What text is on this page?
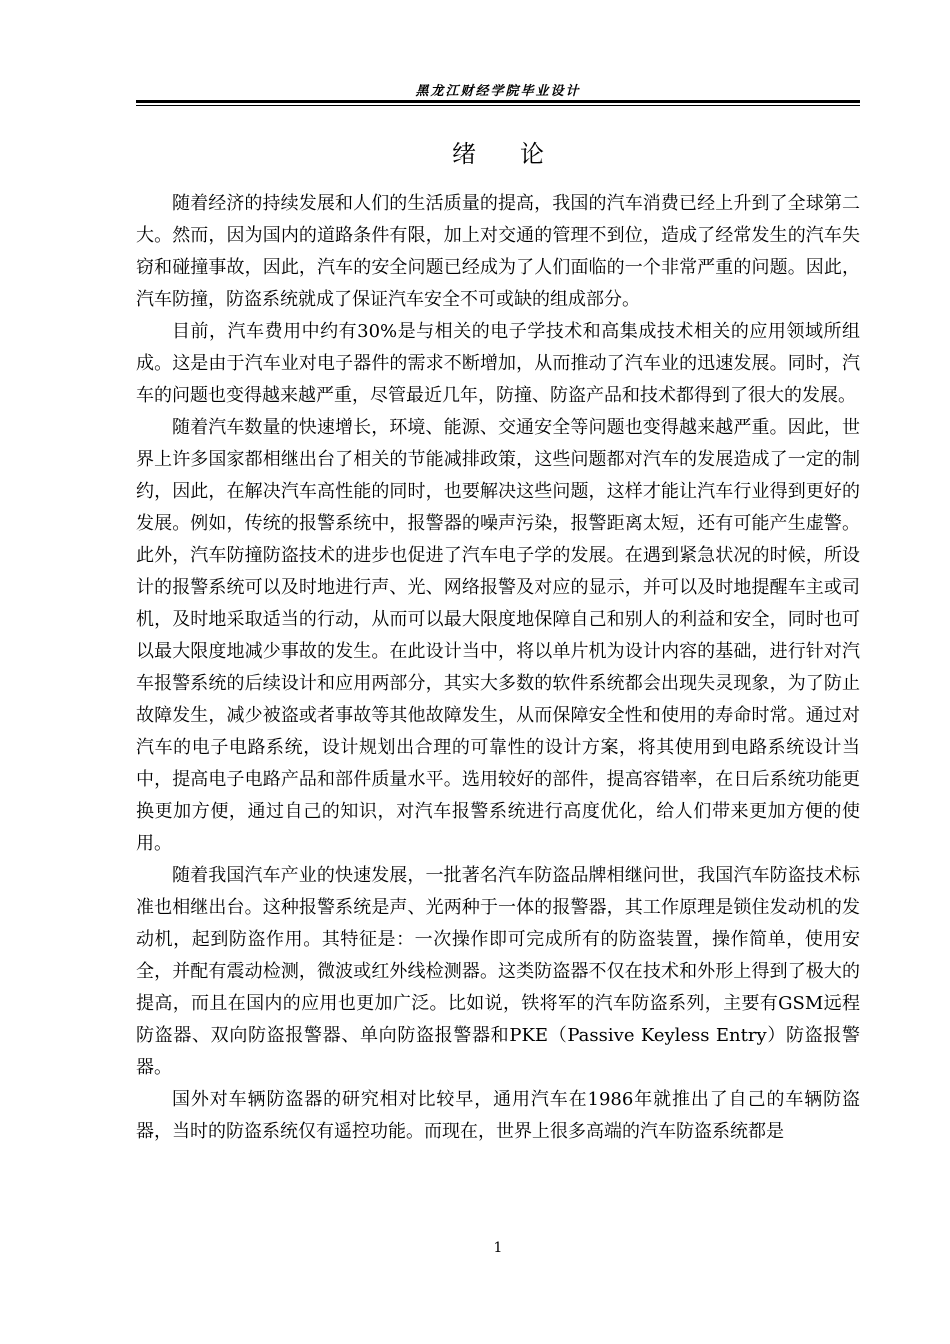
黑龙江财经学院毕业设计
绪论

随着经济的持续发展和人们的生活质量的提高，我国的汽车消费已经上升到了全球第二大。然而，因为国内的道路条件有限，加上对交通的管理不到位，造成了经常发生的汽车失窃和碰撞事故，因此，汽车的安全问题已经成为了人们面临的一个非常严重的问题。因此，汽车防撞，防盗系统就成了保证汽车安全不可或缺的组成部分。

目前，汽车费用中约有30%是与相关的电子学技术和高集成技术相关的应用领域所组成。这是由于汽车业对电子器件的需求不断增加，从而推动了汽车业的迅速发展。同时，汽车的问题也变得越来越严重，尽管最近几年，防撞、防盗产品和技术都得到了很大的发展。

随着汽车数量的快速增长，环境、能源、交通安全等问题也变得越来越严重。因此，世界上许多国家都相继出台了相关的节能减排政策，这些问题都对汽车的发展造成了一定的制约，因此，在解决汽车高性能的同时，也要解决这些问题，这样才能让汽车行业得到更好的发展。例如，传统的报警系统中，报警器的噪声污染，报警距离太短，还有可能产生虚警。此外，汽车防撞防盗技术的进步也促进了汽车电子学的发展。在遇到紧急状况的时候，所设计的报警系统可以及时地进行声、光、网络报警及对应的显示，并可以及时地提醒车主或司机，及时地采取适当的行动，从而可以最大限度地保障自己和别人的利益和安全，同时也可以最大限度地减少事故的发生。在此设计当中，将以单片机为设计内容的基础，进行针对汽车报警系统的后续设计和应用两部分，其实大多数的软件系统都会出现失灵现象，为了防止故障发生，减少被盗或者事故等其他故障发生，从而保障安全性和使用的寿命时常。通过对汽车的电子电路系统，设计规划出合理的可靠性的设计方案，将其使用到电路系统设计当中，提高电子电路产品和部件质量水平。选用较好的部件，提高容错率，在日后系统功能更换更加方便，通过自己的知识，对汽车报警系统进行高度优化，给人们带来更加方便的使用。

随着我国汽车产业的快速发展，一批著名汽车防盗品牌相继问世，我国汽车防盗技术标准也相继出台。这种报警系统是声、光两种于一体的报警器，其工作原理是锁住发动机的发动机，起到防盗作用。其特征是：一次操作即可完成所有的防盗装置，操作简单，使用安全，并配有震动检测，微波或红外线检测器。这类防盗器不仅在技术和外形上得到了极大的提高，而且在国内的应用也更加广泛。比如说，铁将军的汽车防盗系列，主要有GSM远程防盗器、双向防盗报警器、单向防盗报警器和PKE（Passive Keyless Entry）防盗报警器。

国外对车辆防盗器的研究相对比较早，通用汽车在1986年就推出了自己的车辆防盗器，当时的防盗系统仅有遥控功能。而现在，世界上很多高端的汽车防盗系统都是

1
